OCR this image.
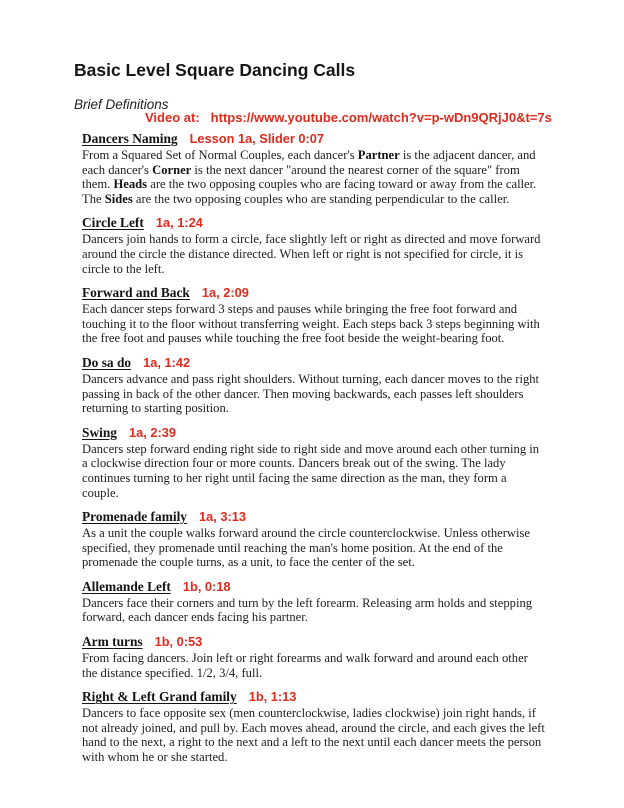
Basic Level Square Dancing Calls
Brief Definitions
Video at: https://www.youtube.com/watch?v=p-wDn9QRjJ0&t=7s
Dancers Naming Lesson 1a, Slider 0:07

From a Squared Set of Normal Couples, each dancer's Partner is the adjacent dancer, and each dancer's Corner is the next dancer "around the nearest corner of the square" from them. Heads are the two opposing couples who are facing toward or away from the caller. The Sides are the two opposing couples who are standing perpendicular to the caller.

Circle Left 1a, 1:24

Dancers join hands to form a circle, face slightly left or right as directed and move forward around the circle the distance directed. When left or right is not specified for circle, it is circle to the left.

Forward and Back 1a, 2:09

Each dancer steps forward 3 steps and pauses while bringing the free foot forward and touching it to the floor without transferring weight. Each steps back 3 steps beginning with the free foot and pauses while touching the free foot beside the weight-bearing foot.

Do sa do 1a, 1:42

Dancers advance and pass right shoulders. Without turning, each dancer moves to the right passing in back of the other dancer. Then moving backwards, each passes left shoulders returning to starting position.

Swing 1a, 2:39

Dancers step forward ending right side to right side and move around each other turning in a clockwise direction four or more counts. Dancers break out of the swing. The lady continues turning to her right until facing the same direction as the man, they form a couple.

Promenade family 1a, 3:13

As a unit the couple walks forward around the circle counterclockwise. Unless otherwise specified, they promenade until reaching the man's home position. At the end of the promenade the couple turns, as a unit, to face the center of the set.

Allemande Left 1b, 0:18

Dancers face their corners and turn by the left forearm. Releasing arm holds and stepping forward, each dancer ends facing his partner.

Arm turns 1b, 0:53

From facing dancers. Join left or right forearms and walk forward and around each other the distance specified. 1/2, 3/4, full.

Right & Left Grand family 1b, 1:13

Dancers to face opposite sex (men counterclockwise, ladies clockwise) join right hands, if not already joined, and pull by. Each moves ahead, around the circle, and each gives the left hand to the next, a right to the next and a left to the next until each dancer meets the person with whom he or she started.
